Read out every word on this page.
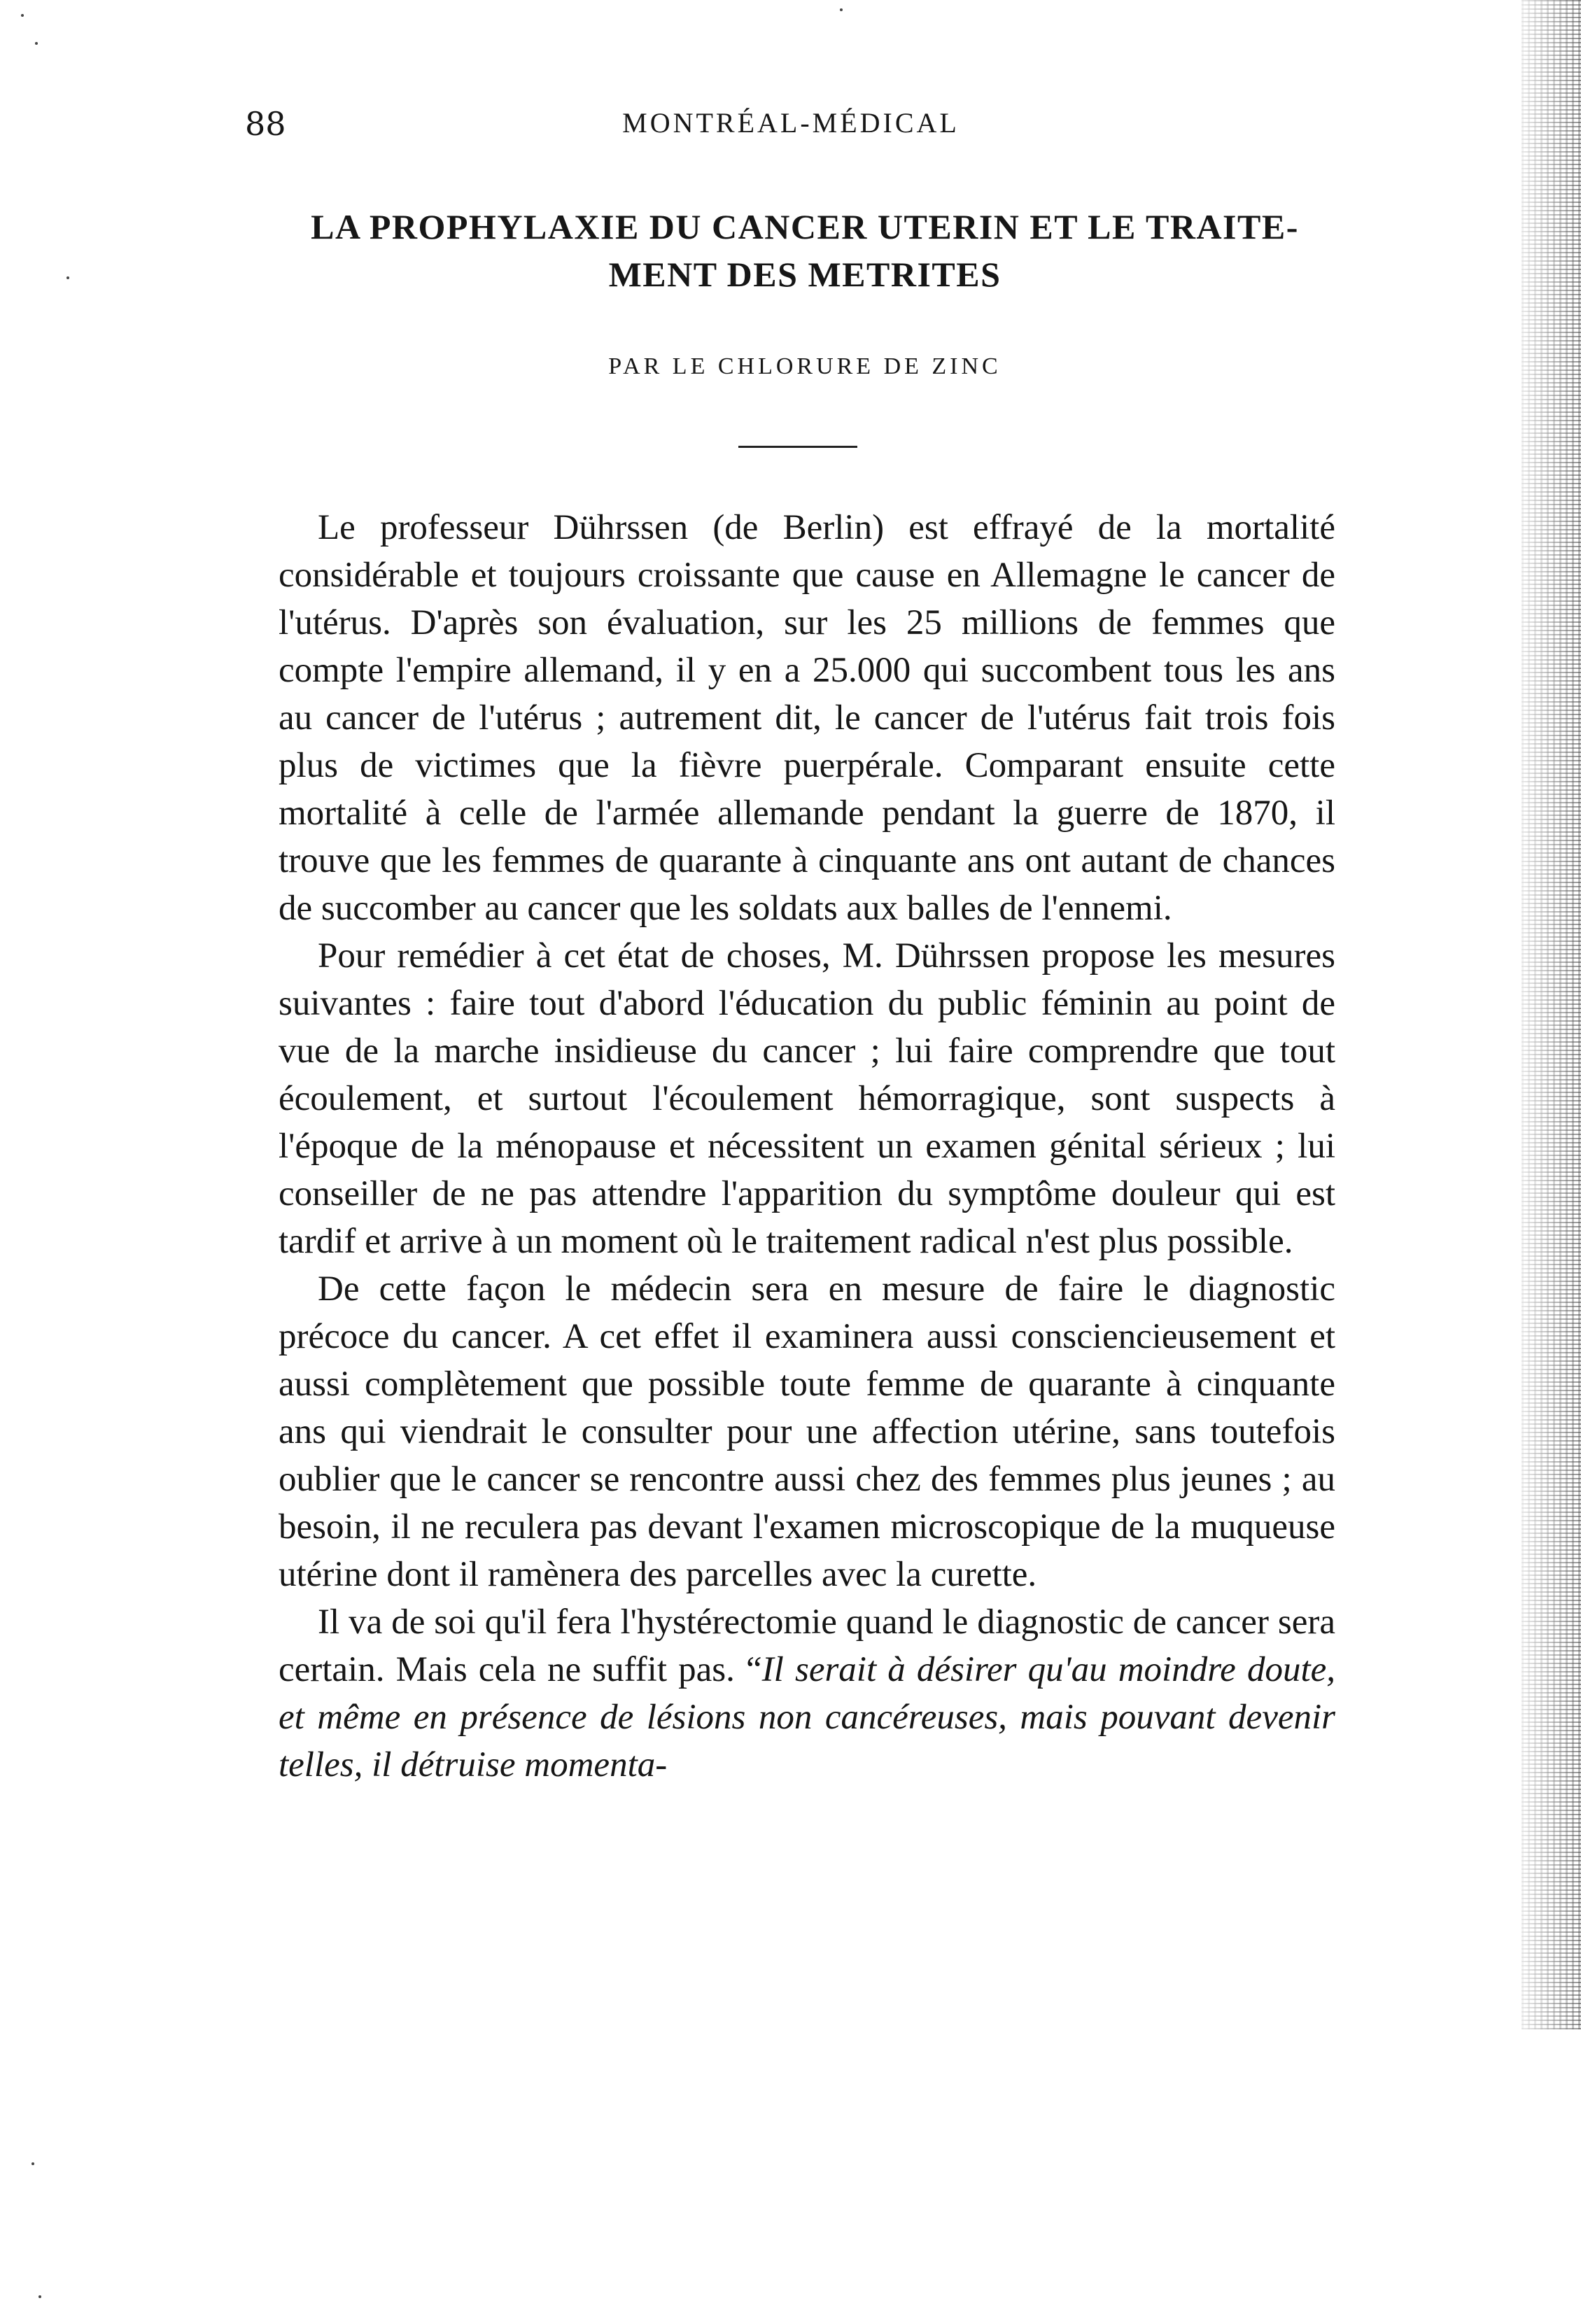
88	MONTRÉAL-MÉDICAL
LA PROPHYLAXIE DU CANCER UTERIN ET LE TRAITE-
MENT DES METRITES
PAR LE CHLORURE DE ZINC

Le professeur Dührssen (de Berlin) est effrayé de la mortalité considérable et toujours croissante que cause en Allemagne le cancer de l'utérus. D'après son évaluation, sur les 25 millions de femmes que compte l'empire allemand, il y en a 25.000 qui succombent tous les ans au cancer de l'utérus ; autrement dit, le cancer de l'utérus fait trois fois plus de victimes que la fièvre puerpérale. Comparant ensuite cette mortalité à celle de l'armée allemande pendant la guerre de 1870, il trouve que les femmes de quarante à cinquante ans ont autant de chances de succomber au cancer que les soldats aux balles de l'ennemi.

Pour remédier à cet état de choses, M. Dührssen propose les mesures suivantes : faire tout d'abord l'éducation du public féminin au point de vue de la marche insidieuse du cancer ; lui faire comprendre que tout écoulement, et surtout l'écoulement hémorragique, sont suspects à l'époque de la ménopause et nécessitent un examen génital sérieux ; lui conseiller de ne pas attendre l'apparition du symptôme douleur qui est tardif et arrive à un moment où le traitement radical n'est plus possible.

De cette façon le médecin sera en mesure de faire le diagnostic précoce du cancer. A cet effet il examinera aussi consciencieusement et aussi complètement que possible toute femme de quarante à cinquante ans qui viendrait le consulter pour une affection utérine, sans toutefois oublier que le cancer se rencontre aussi chez des femmes plus jeunes ; au besoin, il ne reculera pas devant l'examen microscopique de la muqueuse utérine dont il ramènera des parcelles avec la curette.

Il va de soi qu'il fera l'hystérectomie quand le diagnostic de cancer sera certain. Mais cela ne suffit pas. “Il serait à désirer qu'au moindre doute, et même en présence de lésions non cancéreuses, mais pouvant devenir telles, il détruise momenta-
